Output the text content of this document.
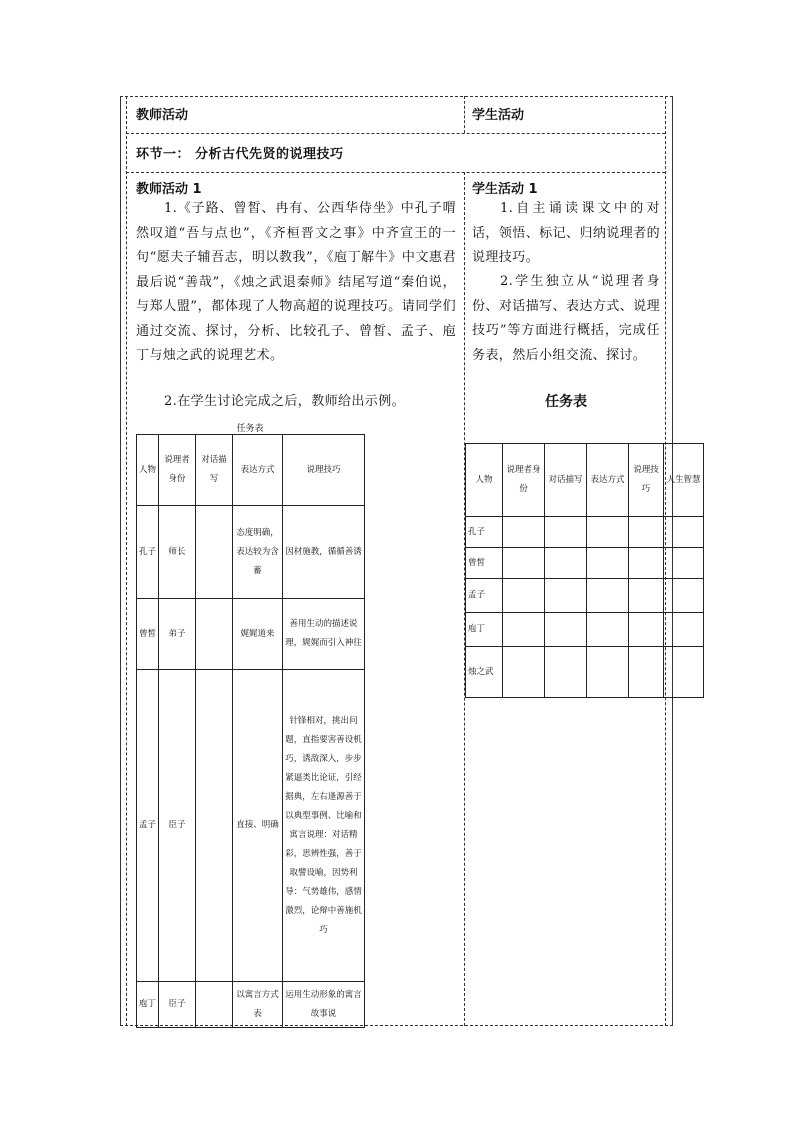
教师活动	学生活动
环节一： 分析古代先贤的说理技巧
教师活动 1
1.《子路、曾皙、冉有、公西华侍坐》中孔子喟然叹道“吾与点也”，《齐桓晋文之事》中齐宣王的一句“愿夫子辅吾志，明以教我”，《庖丁解牛》中文惠君最后说“善哉”，《烛之武退秦师》结尾写道“秦伯说，与郑人盟”，都体现了人物高超的说理技巧。请同学们通过交流、探讨，分析、比较孔子、曾皙、孟子、庖丁与烛之武的说理艺术。
2.在学生讨论完成之后，教师给出示例。
任务表
人物	说理者身份	对话描写	表达方式	说理技巧
孔子	师长		态度明确，表达较为含蓄	因材施教，循循善诱
曾皙	弟子		娓娓道来	善用生动的描述说理，娓娓而引入神往
孟子	臣子		直接、明确	针锋相对，挑出问题，直指要害善设机巧，诱敌深入，步步紧逼类比论证，引经据典，左右逢源善于以典型事例、比喻和寓言说理：对话精彩，思辨性强，善于取譬设喻，因势利导：气势雄伟，感情激烈，论辩中善施机巧
庖丁	臣子		以寓言方式表	运用生动形象的寓言故事说
学生活动 1
1.自主诵读课文中的对话，领悟、标记、归纳说理者的说理技巧。
2.学生独立从“说理者身份、对话描写、表达方式、说理技巧”等方面进行概括，完成任务表，然后小组交流、探讨。
任务表
人物	说理者身份	对话描写	表达方式	说理技巧	人生智慧
孔子					
曾皙					
孟子					
庖丁					
烛之武					
